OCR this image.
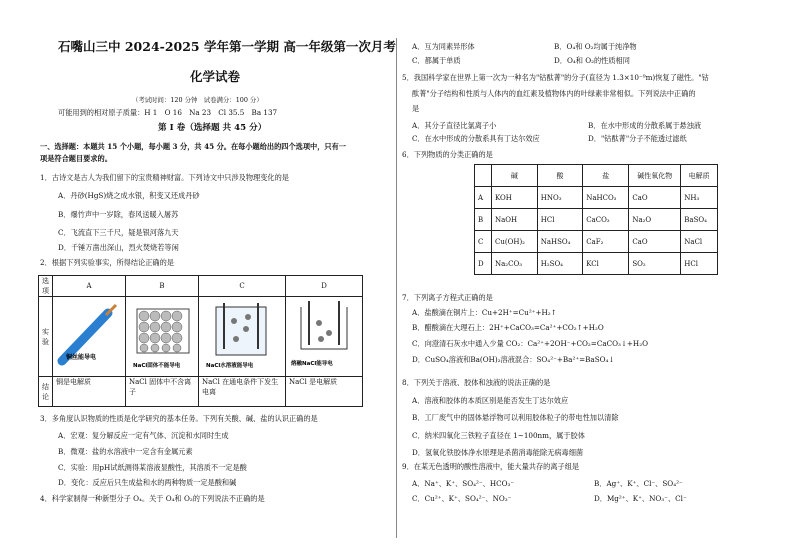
石嘴山三中 2024-2025 学年第一学期 高一年级第一次月考
化学试卷
（考试时间：120 分钟　试卷满分：100 分）
可能用到的相对原子质量：H 1　O 16　Na 23　Cl 35.5　Ba 137
第 I 卷（选择题 共 45 分）
一、选择题：本题共 15 个小题，每小题 3 分，共 45 分。在每小题给出的四个选项中，只有一
项是符合题目要求的。
1．古诗文是古人为我们留下的宝贵精神财富。下列诗文中只涉及物理变化的是
A．丹砂(HgS)烧之成水银，积变又还成丹砂
B．爆竹声中一岁除，春风送暖入屠苏
C．飞流直下三千尺，疑是银河落九天
D．千锤万凿出深山，烈火焚烧若等闲
2．根据下列实验事实，所得结论正确的是
选项	A	B	C	D
实验	铜丝能导电	NaCl固体不能导电	NaCl水溶液能导电	熔融NaCl能导电

结论	铜是电解质	NaCl 固体中不含离子	NaCl 在通电条件下发生电离	NaCl 是电解质
3．多角度认识物质的性质是化学研究的基本任务。下列有关酸、碱、盐的认识正确的是
A．宏观：复分解反应一定有气体、沉淀和水同时生成
B．微观：盐的水溶液中一定含有金属元素
C．实验：用pH试纸测得某溶液显酸性，其溶质不一定是酸
D．变化：反应后只生成盐和水的两种物质一定是酸和碱
4．科学家制得一种新型分子 O₄。关于 O₄和 O₂的下列说法不正确的是
A．互为同素异形体	B．O₄和 O₂均属于纯净物
C．都属于单质	D．O₄和 O₂的性质相同
5．我国科学家在世界上第一次为一种名为"钴酞菁"的分子(直径为 1.3×10⁻⁹m)恢复了磁性。"钴
酞菁"分子结构和性质与人体内的血红素及植物体内的叶绿素非常相似。下列说法中正确的
是
A．其分子直径比氯离子小	B．在水中形成的分散系属于悬浊液
C．在水中形成的分散系具有丁达尔效应	D．"钴酞菁"分子不能透过滤纸
6．下列物质的分类正确的是
	碱	酸	盐	碱性氧化物	电解质
A	KOH	HNO₃	NaHCO₃	CaO	NH₃
B	NaOH	HCl	CaCO₃	Na₂O	BaSO₄
C	Cu(OH)₂	NaHSO₄	CaF₂	CaO	NaCl
D	Na₂CO₃	H₂SO₄	KCl	SO₂	HCl
7．下列离子方程式正确的是
A．盐酸滴在铜片上：Cu+2H⁺=Cu²⁺+H₂↑
B．醋酸滴在大理石上：2H⁺+CaCO₃=Ca²⁺+CO₂↑+H₂O
C．向澄清石灰水中通入少量 CO₂：Ca²⁺+2OH⁻+CO₂=CaCO₃↓+H₂O
D．CuSO₄溶液和Ba(OH)₂溶液混合：SO₄²⁻+Ba²⁺=BaSO₄↓
8．下列关于溶液、胶体和浊液的说法正确的是
A．溶液和胶体的本质区别是能否发生丁达尔效应
B．工厂废气中的固体悬浮物可以利用胶体粒子的带电性加以清除
C．纳米四氧化三铁粒子直径在 1~100nm，属于胶体
D．氢氧化铁胶体净水原理是杀菌消毒能除无病毒细菌
9．在某无色透明的酸性溶液中，能大量共存的离子组是
A．Na⁺、K⁺、SO₄²⁻、HCO₃⁻	B．Ag⁺、K⁺、Cl⁻、SO₄²⁻
C．Cu²⁺、K⁺、SO₄²⁻、NO₃⁻	D．Mg²⁺、K⁺、NO₃⁻、Cl⁻
